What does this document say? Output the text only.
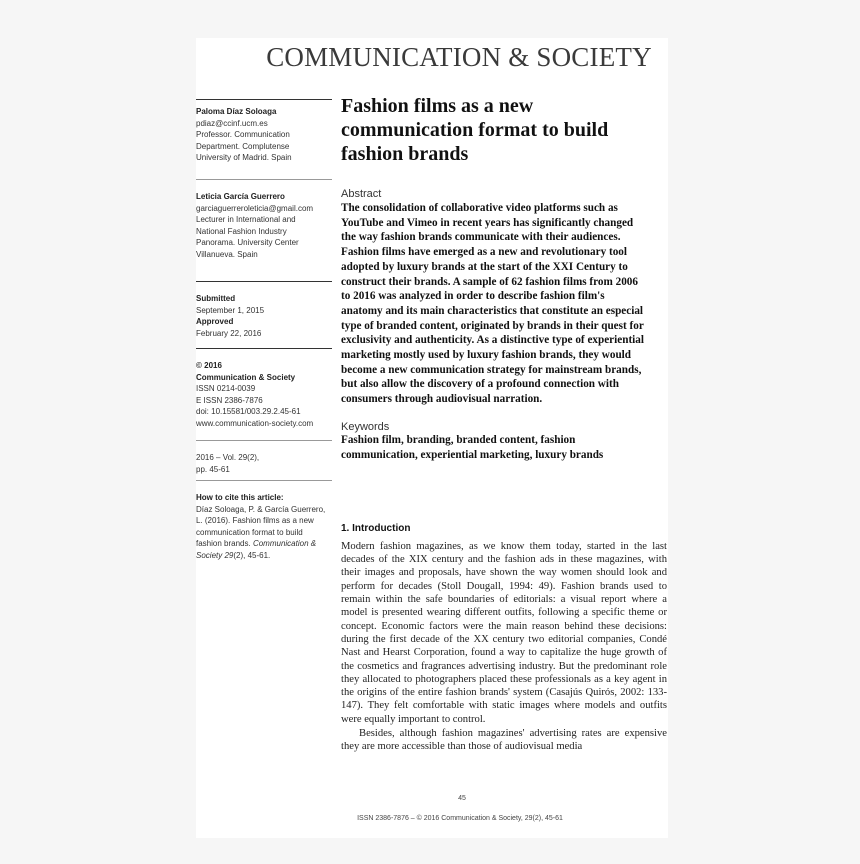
COMMUNICATION & SOCIETY
Paloma Díaz Soloaga
pdiaz@ccinf.ucm.es
Professor. Communication
Department. Complutense
University of Madrid. Spain
Leticia García Guerrero
garciaguerreroleticia@gmail.com
Lecturer in International and
National Fashion Industry
Panorama. University Center
Villanueva. Spain
Submitted
September 1, 2015
Approved
February 22, 2016
© 2016
Communication & Society
ISSN 0214-0039
E ISSN 2386-7876
doi: 10.15581/003.29.2.45-61
www.communication-society.com
2016 – Vol. 29(2),
pp. 45-61
How to cite this article:
Díaz Soloaga, P. & García Guerrero,
L. (2016). Fashion films as a new
communication format to build
fashion brands. Communication &
Society 29(2), 45-61.
Fashion films as a new
communication format to build
fashion brands
Abstract
The consolidation of collaborative video platforms such as
YouTube and Vimeo in recent years has significantly changed
the way fashion brands communicate with their audiences.
Fashion films have emerged as a new and revolutionary tool
adopted by luxury brands at the start of the XXI Century to
construct their brands. A sample of 62 fashion films from 2006
to 2016 was analyzed in order to describe fashion film's
anatomy and its main characteristics that constitute an especial
type of branded content, originated by brands in their quest for
exclusivity and authenticity. As a distinctive type of experiential
marketing mostly used by luxury fashion brands, they would
become a new communication strategy for mainstream brands,
but also allow the discovery of a profound connection with
consumers through audiovisual narration.
Keywords
Fashion film, branding, branded content, fashion
communication, experiential marketing, luxury brands
1. Introduction

Modern fashion magazines, as we know them today, started in the last decades of the XIX century and the fashion ads in these magazines, with their images and proposals, have shown the way women should look and perform for decades (Stoll Dougall, 1994: 49). Fashion brands used to remain within the safe boundaries of editorials: a visual report where a model is presented wearing different outfits, following a specific theme or concept. Economic factors were the main reason behind these decisions: during the first decade of the XX century two editorial companies, Condé Nast and Hearst Corporation, found a way to capitalize the huge growth of the cosmetics and fragrances advertising industry. But the predominant role they allocated to photographers placed these professionals as a key agent in the origins of the entire fashion brands' system (Casajús Quirós, 2002: 133-147). They felt comfortable with static images where models and outfits were equally important to control.

Besides, although fashion magazines' advertising rates are expensive they are more accessible than those of audiovisual media

45
ISSN 2386-7876 – © 2016 Communication & Society, 29(2), 45-61
